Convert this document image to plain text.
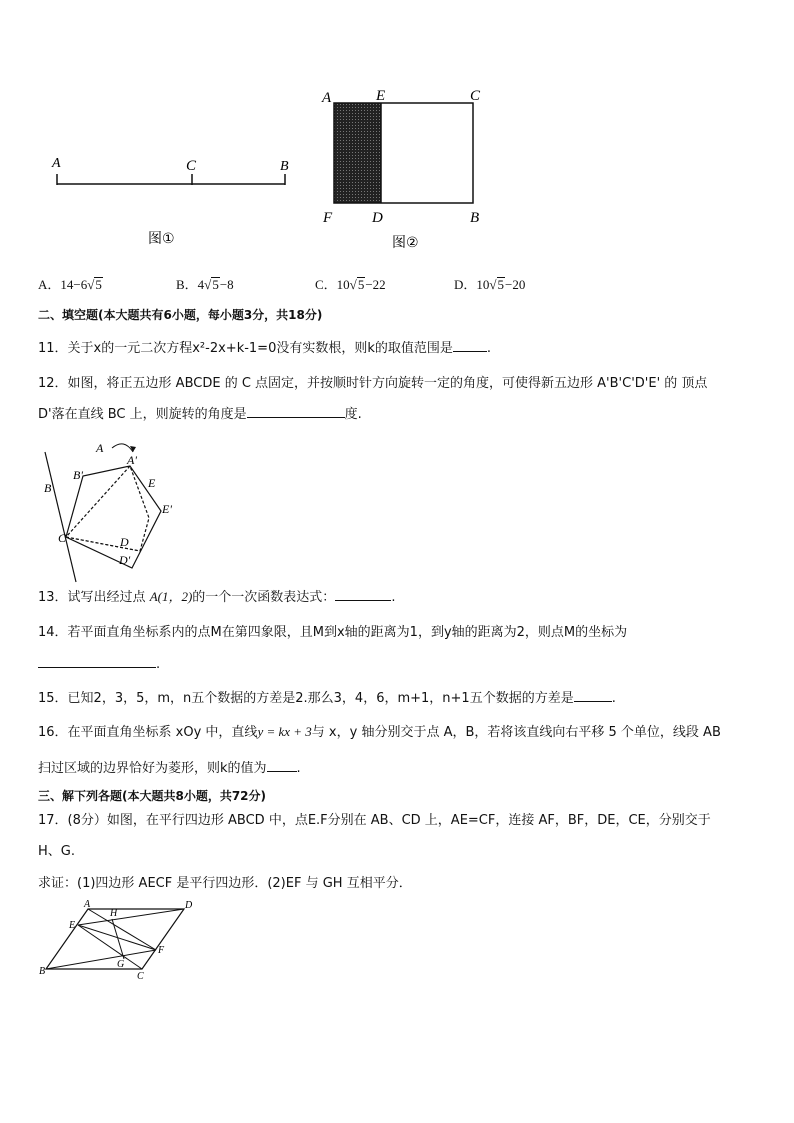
A	C	B
图①
A	E	C
F	D	B
图②
A．14−6√5	B．4√5−8	C．10√5−22	D．10√5−20
二、填空题(本大题共有6小题，每小题3分，共18分)
11．关于x的一元二次方程x²-2x+k-1=0没有实数根，则k的取值范围是	.
12．如图，将正五边形 ABCDE 的 C 点固定，并按顺时针方向旋转一定的角度，可使得新五边形 A'B'C'D'E' 的 顶点
D'落在直线 BC 上，则旋转的角度是	度.
A
A'
B'
B	E
E'
C	D
D'
13．试写出经过点 A(1，2)的一个一次函数表达式：	.
14．若平面直角坐标系内的点M在第四象限，且M到x轴的距离为1，到y轴的距离为2，则点M的坐标为
.
15．已知2，3，5，m，n五个数据的方差是2.那么3，4，6，m+1，n+1五个数据的方差是	.
16．在平面直角坐标系 xOy 中，直线y = kx + 3与 x，y 轴分别交于点 A，B，若将该直线向右平移 5 个单位，线段 AB
扫过区域的边界恰好为菱形，则k的值为 .
三、解下列各题(本大题共8小题，共72分)
17．(8分）如图，在平行四边形 ABCD 中，点E.F分别在 AB、CD 上，AE=CF，连接 AF，BF，DE，CE，分别交于
H、G.
求证：(1)四边形 AECF 是平行四边形．(2)EF 与 GH 互相平分．
A
H
D
E
F
G
B	C
